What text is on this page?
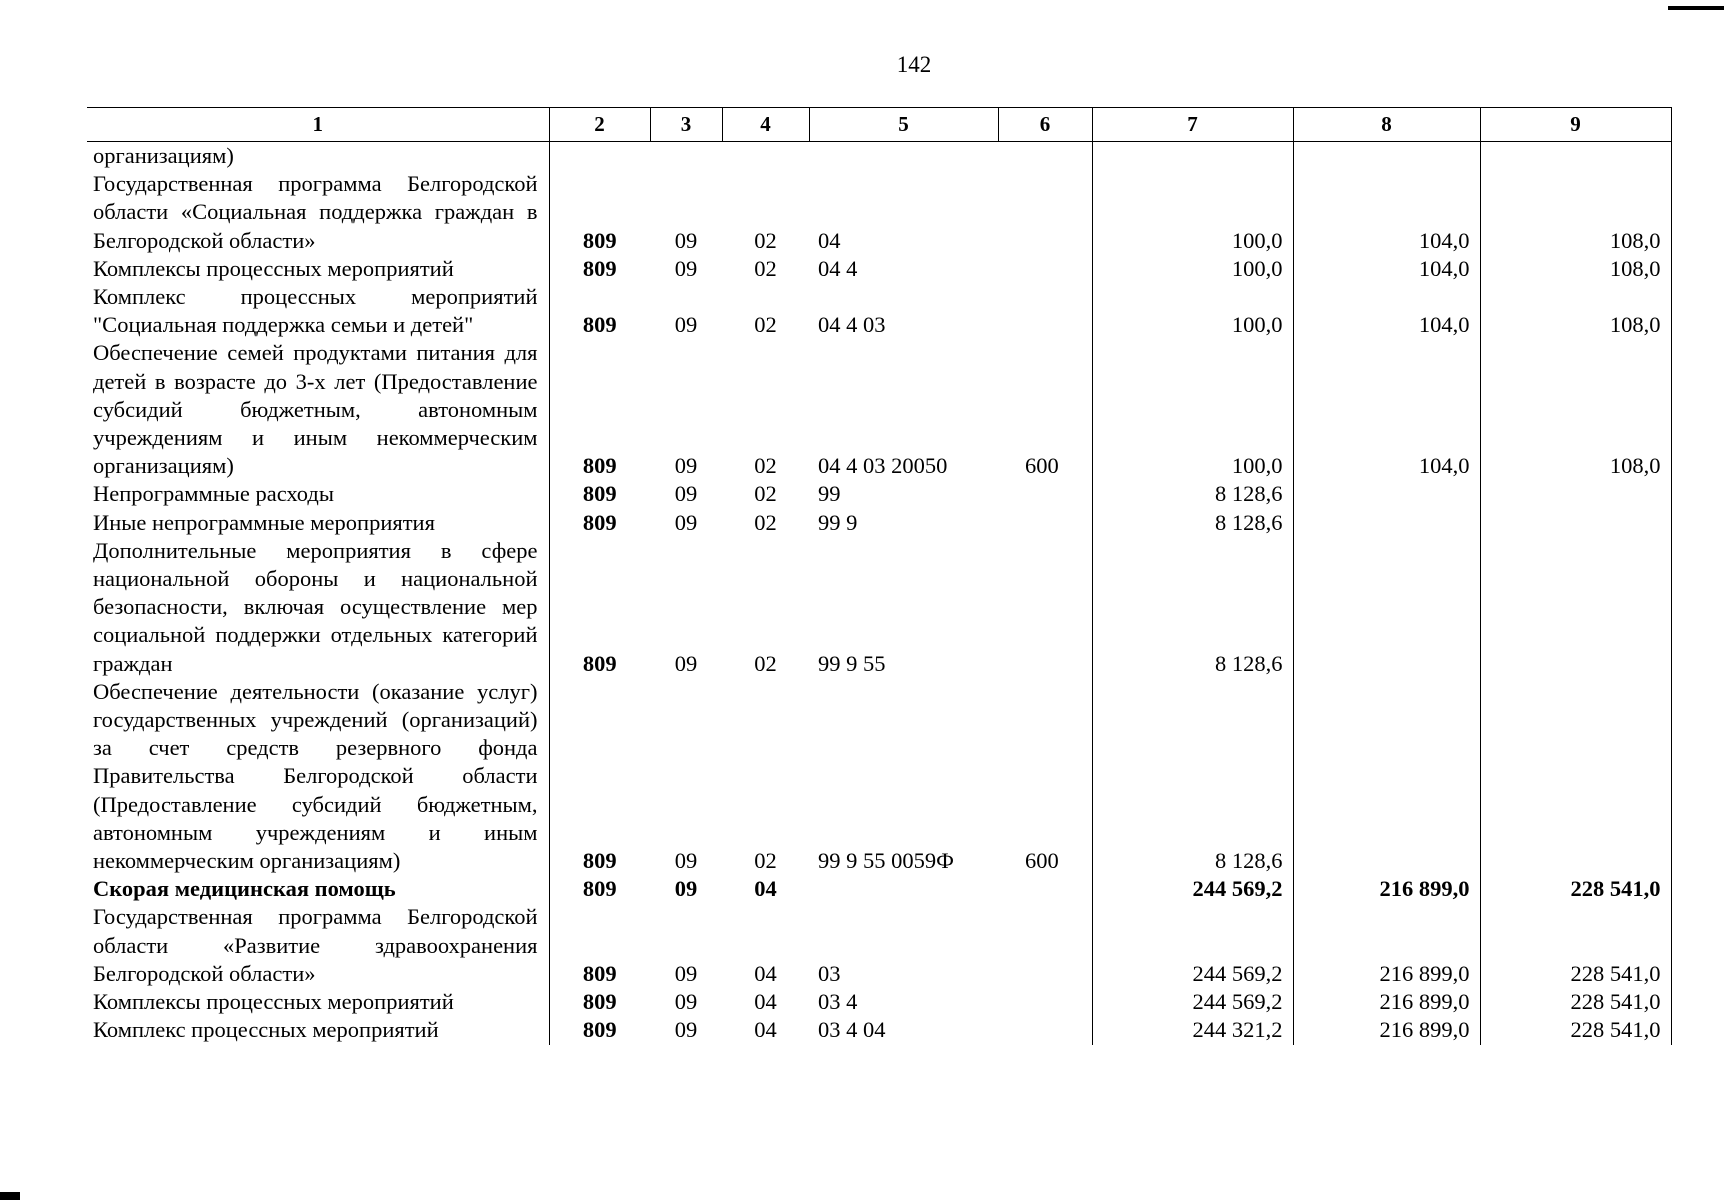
142
1	2	3	4	5	6	7	8	9

организациям)								

Государственная программа Белгородской области «Социальная поддержка граждан в Белгородской области»	809	09	02	04		100,0	104,0	108,0

Комплексы процессных мероприятий	809	09	02	04 4		100,0	104,0	108,0

Комплекс процессных мероприятий "Социальная поддержка семьи и детей"	809	09	02	04 4 03		100,0	104,0	108,0

Обеспечение семей продуктами питания для детей в возрасте до 3-х лет (Предоставление субсидий бюджетным, автономным учреждениям и иным некоммерческим организациям)	809	09	02	04 4 03 20050	600	100,0	104,0	108,0

Непрограммные расходы	809	09	02	99		8 128,6		

Иные непрограммные мероприятия	809	09	02	99 9		8 128,6		

Дополнительные мероприятия в сфере национальной обороны и национальной безопасности, включая осуществление мер социальной поддержки отдельных категорий граждан	809	09	02	99 9 55		8 128,6		

Обеспечение деятельности (оказание услуг) государственных учреждений (организаций) за счет средств резервного фонда Правительства Белгородской области (Предоставление субсидий бюджетным, автономным учреждениям и иным некоммерческим организациям)	809	09	02	99 9 55 0059Ф	600	8 128,6		

Скорая медицинская помощь	809	09	04			244 569,2	216 899,0	228 541,0

Государственная программа Белгородской области «Развитие здравоохранения Белгородской области»	809	09	04	03		244 569,2	216 899,0	228 541,0

Комплексы процессных мероприятий	809	09	04	03 4		244 569,2	216 899,0	228 541,0

Комплекс процессных мероприятий	809	09	04	03 4 04		244 321,2	216 899,0	228 541,0
